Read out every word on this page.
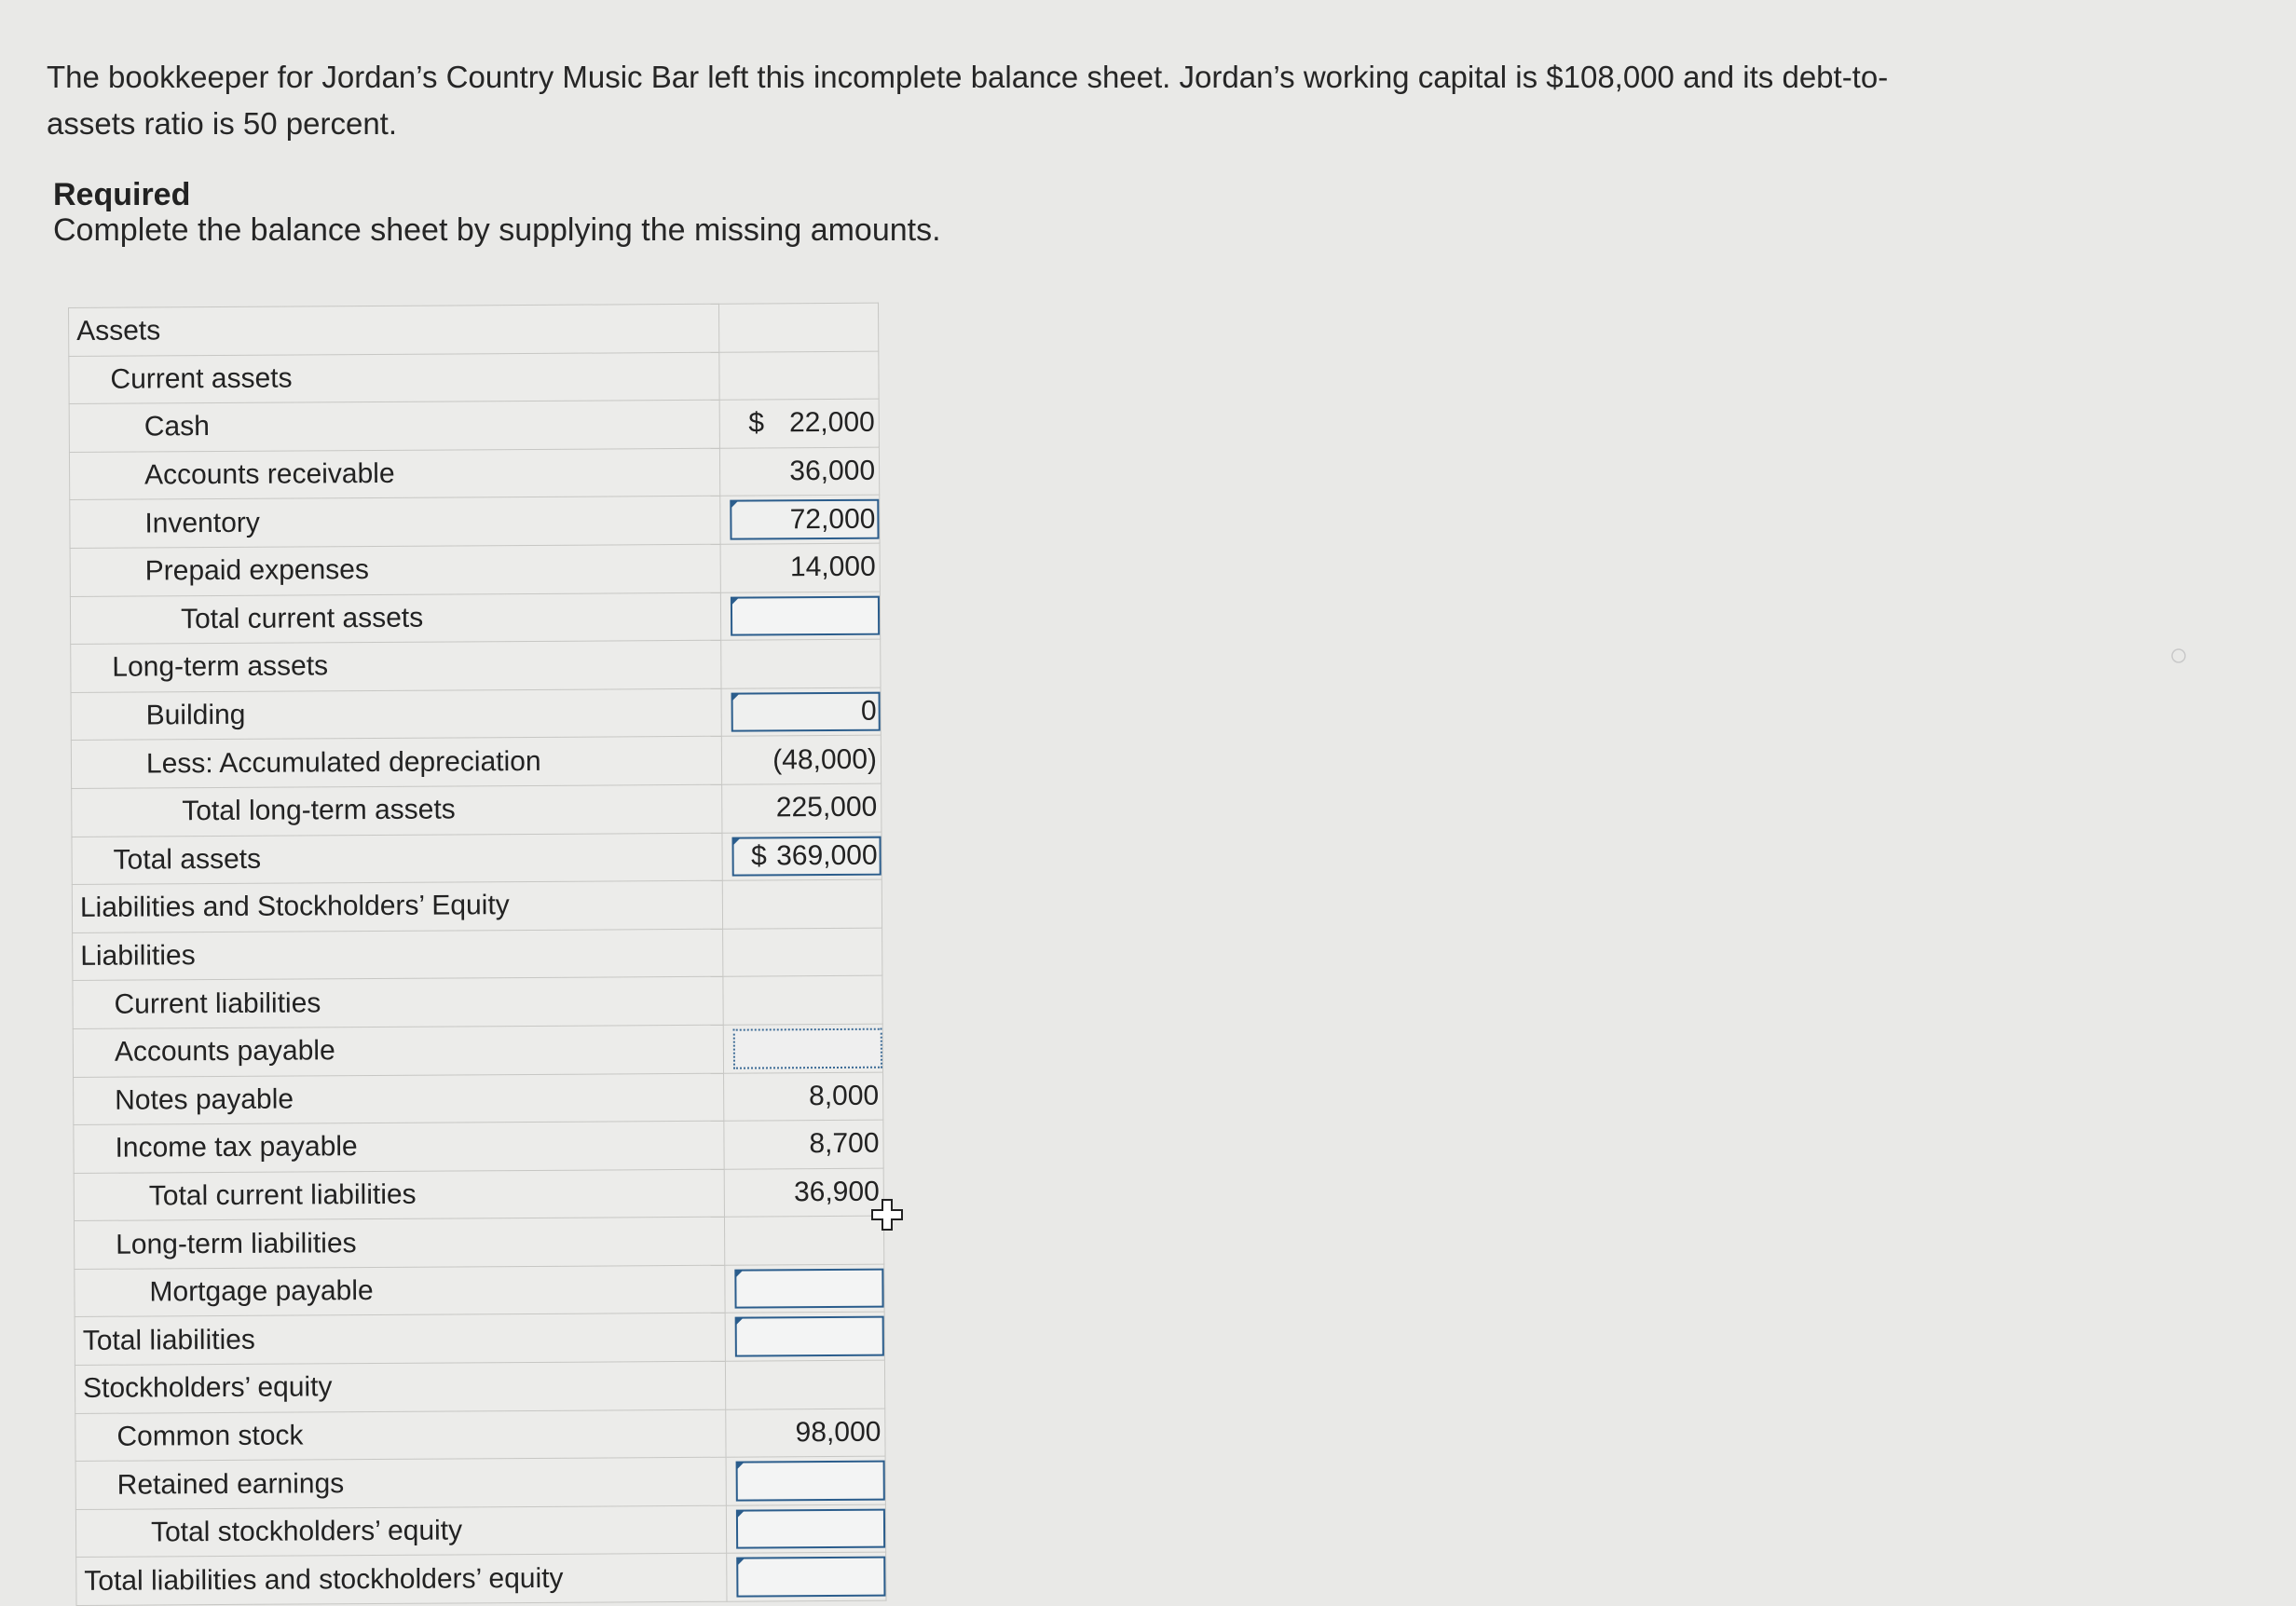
The bookkeeper for Jordan’s Country Music Bar left this incomplete balance sheet. Jordan’s working capital is $108,000 and its debt-to-assets ratio is 50 percent.
Required
Complete the balance sheet by supplying the missing amounts.
Assets	
Current assets	
Cash	$ 22,000

Accounts receivable	36,000

Inventory	72,000

Prepaid expenses	14,000

Total current assets	

Long-term assets	
Building	0

Less: Accumulated depreciation	(48,000)

Total long-term assets	225,000

Total assets	$ 369,000

Liabilities and Stockholders’ Equity	
Liabilities	
Current liabilities	
Accounts payable	

Notes payable	8,000

Income tax payable	8,700

Total current liabilities	36,900

Long-term liabilities	
Mortgage payable	

Total liabilities	

Stockholders’ equity	
Common stock	98,000

Retained earnings	

Total stockholders’ equity	

Total liabilities and stockholders’ equity	
